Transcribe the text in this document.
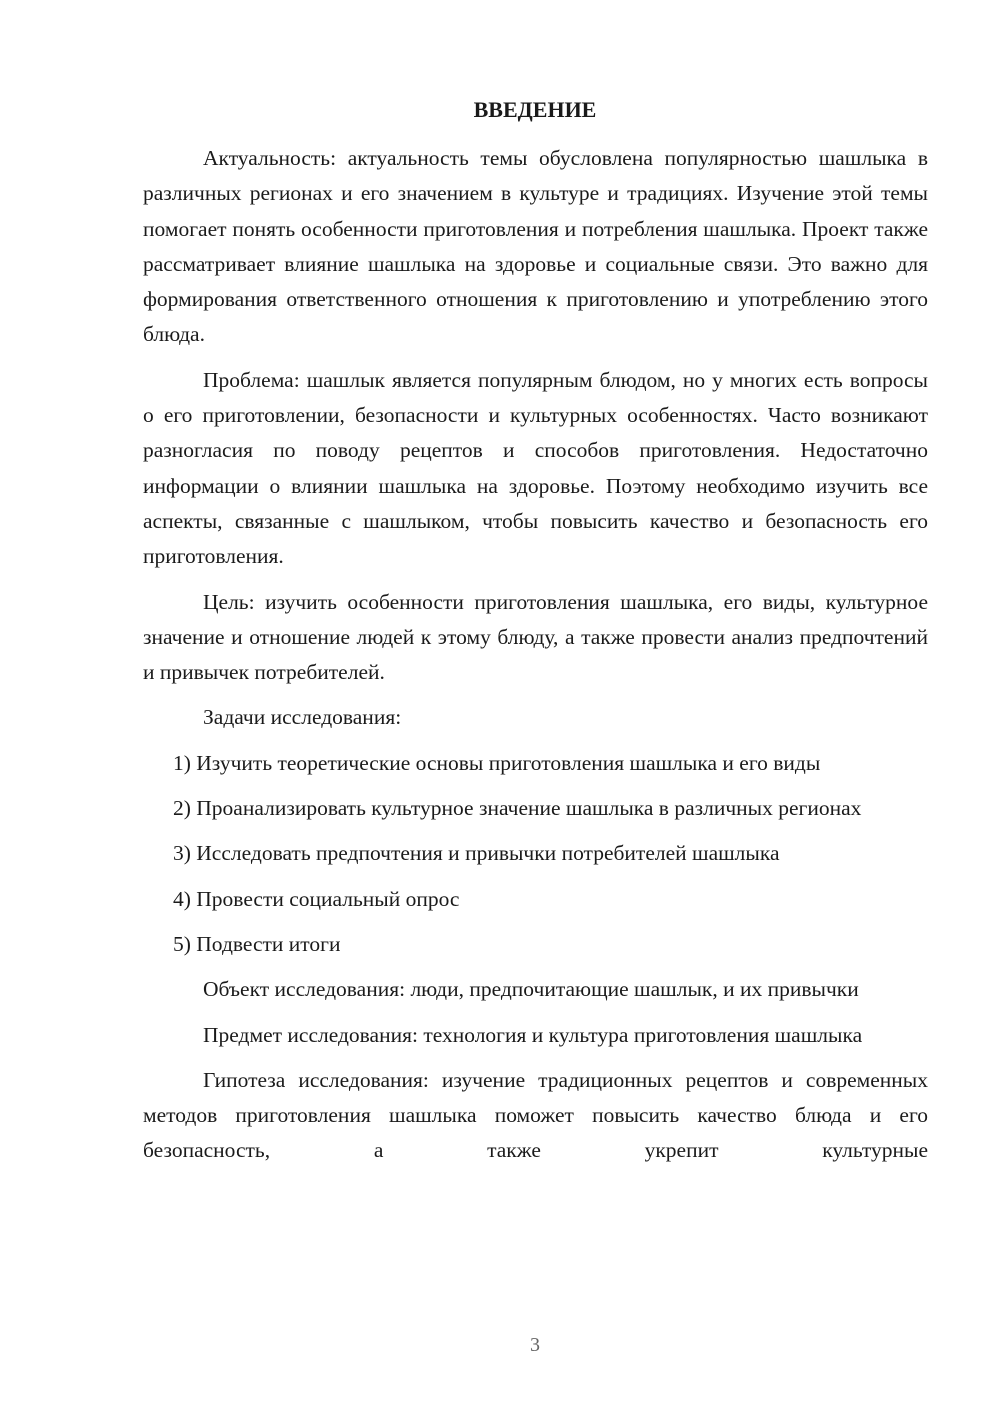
ВВЕДЕНИЕ

Актуальность: актуальность темы обусловлена популярностью шашлыка в различных регионах и его значением в культуре и традициях. Изучение этой темы помогает понять особенности приготовления и потребления шашлыка. Проект также рассматривает влияние шашлыка на здоровье и социальные связи. Это важно для формирования ответственного отношения к приготовлению и употреблению этого блюда.

Проблема: шашлык является популярным блюдом, но у многих есть вопросы о его приготовлении, безопасности и культурных особенностях. Часто возникают разногласия по поводу рецептов и способов приготовления. Недостаточно информации о влиянии шашлыка на здоровье. Поэтому необходимо изучить все аспекты, связанные с шашлыком, чтобы повысить качество и безопасность его приготовления.

Цель: изучить особенности приготовления шашлыка, его виды, культурное значение и отношение людей к этому блюду, а также провести анализ предпочтений и привычек потребителей.

Задачи исследования:

1) Изучить теоретические основы приготовления шашлыка и его виды

2) Проанализировать культурное значение шашлыка в различных регионах

3) Исследовать предпочтения и привычки потребителей шашлыка

4) Провести социальный опрос

5) Подвести итоги

Объект исследования: люди, предпочитающие шашлык, и их привычки

Предмет исследования: технология и культура приготовления шашлыка

Гипотеза исследования: изучение традиционных рецептов и современных методов приготовления шашлыка поможет повысить качество блюда и его безопасность, а также укрепит культурные

3
